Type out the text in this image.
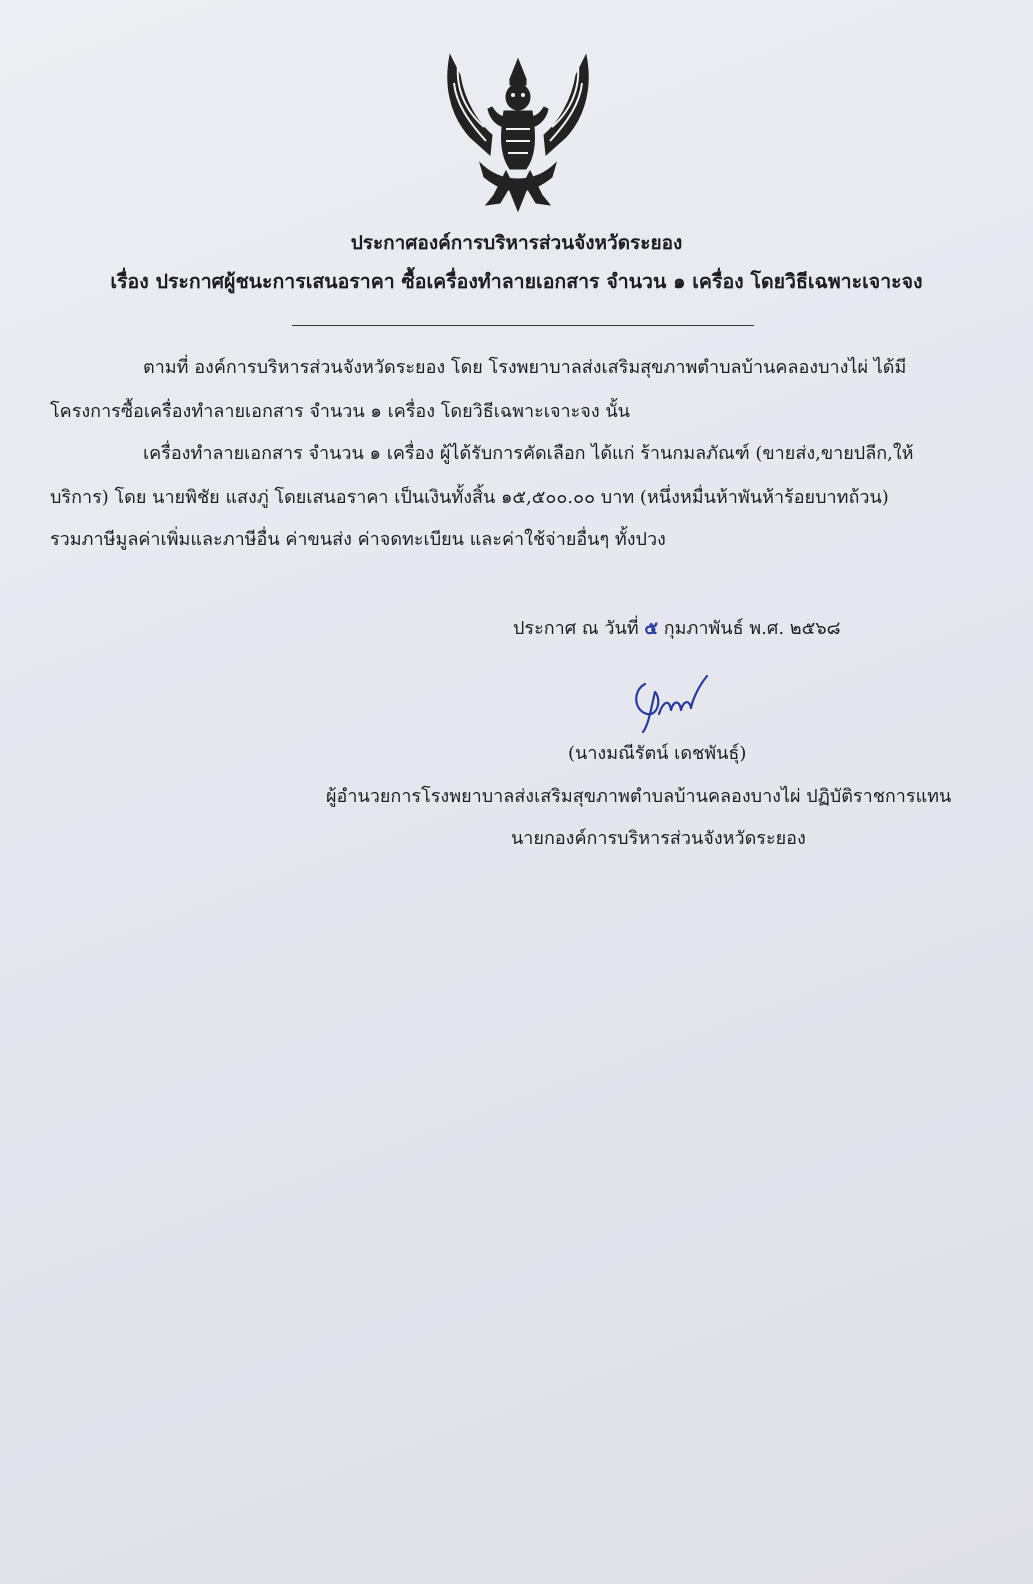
ประกาศองค์การบริหารส่วนจังหวัดระยอง
เรื่อง ประกาศผู้ชนะการเสนอราคา ซื้อเครื่องทำลายเอกสาร จำนวน ๑ เครื่อง โดยวิธีเฉพาะเจาะจง
ตามที่ องค์การบริหารส่วนจังหวัดระยอง โดย โรงพยาบาลส่งเสริมสุขภาพตำบลบ้านคลองบางไผ่ ได้มี
โครงการซื้อเครื่องทำลายเอกสาร จำนวน ๑ เครื่อง โดยวิธีเฉพาะเจาะจง นั้น
เครื่องทำลายเอกสาร จำนวน ๑ เครื่อง ผู้ได้รับการคัดเลือก ได้แก่ ร้านกมลภัณฑ์ (ขายส่ง,ขายปลีก,ให้
บริการ) โดย นายพิชัย แสงภู่ โดยเสนอราคา เป็นเงินทั้งสิ้น ๑๕,๕๐๐.๐๐ บาท (หนึ่งหมื่นห้าพันห้าร้อยบาทถ้วน)
รวมภาษีมูลค่าเพิ่มและภาษีอื่น ค่าขนส่ง ค่าจดทะเบียน และค่าใช้จ่ายอื่นๆ ทั้งปวง
ประกาศ ณ วันที่ ๕ กุมภาพันธ์ พ.ศ. ๒๕๖๘
(นางมณีรัตน์ เดชพันธุ์)
ผู้อำนวยการโรงพยาบาลส่งเสริมสุขภาพตำบลบ้านคลองบางไผ่ ปฏิบัติราชการแทน
นายกองค์การบริหารส่วนจังหวัดระยอง
